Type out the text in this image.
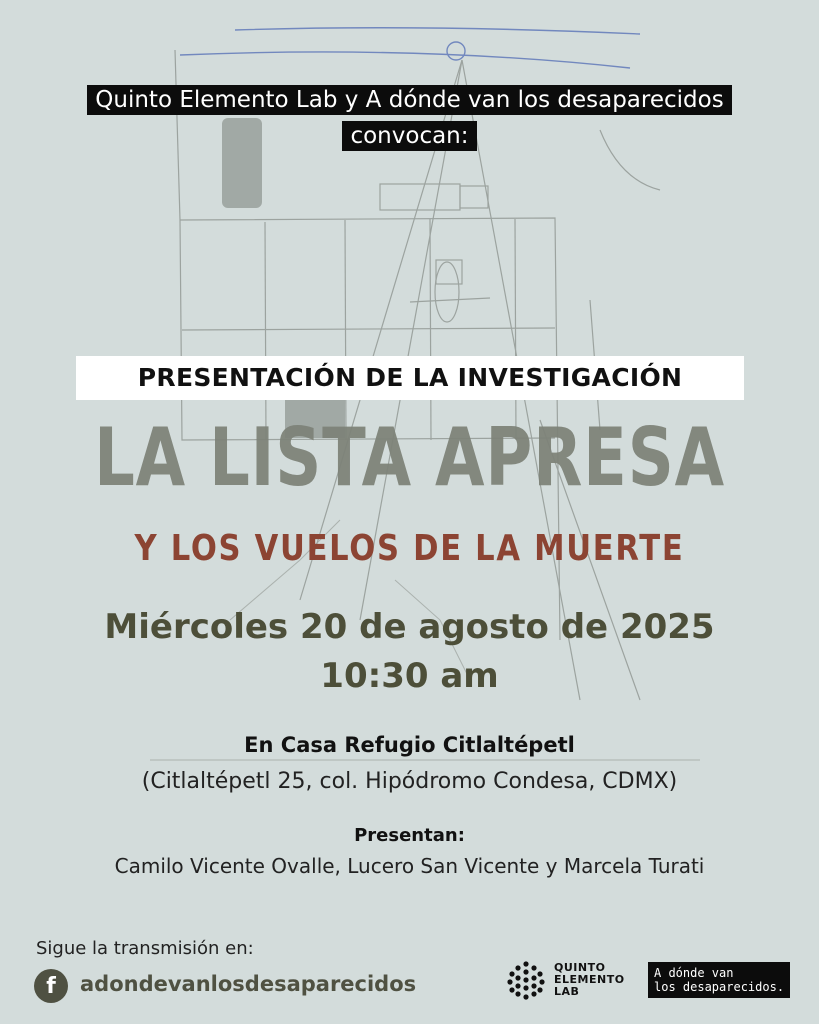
Quinto Elemento Lab y A dónde van los desaparecidos
convocan:
PRESENTACIÓN DE LA INVESTIGACIÓN
LA LISTA APRESA
Y LOS VUELOS DE LA MUERTE
Miércoles 20 de agosto de 2025
10:30 am
En Casa Refugio Citlaltépetl
(Citlaltépetl 25, col. Hipódromo Condesa, CDMX)
Presentan:
Camilo Vicente Ovalle, Lucero San Vicente y Marcela Turati
Sigue la transmisión en:
f	adondevanlosdesaparecidos
QUINTO
ELEMENTO
LAB
A dónde van
los desaparecidos.
